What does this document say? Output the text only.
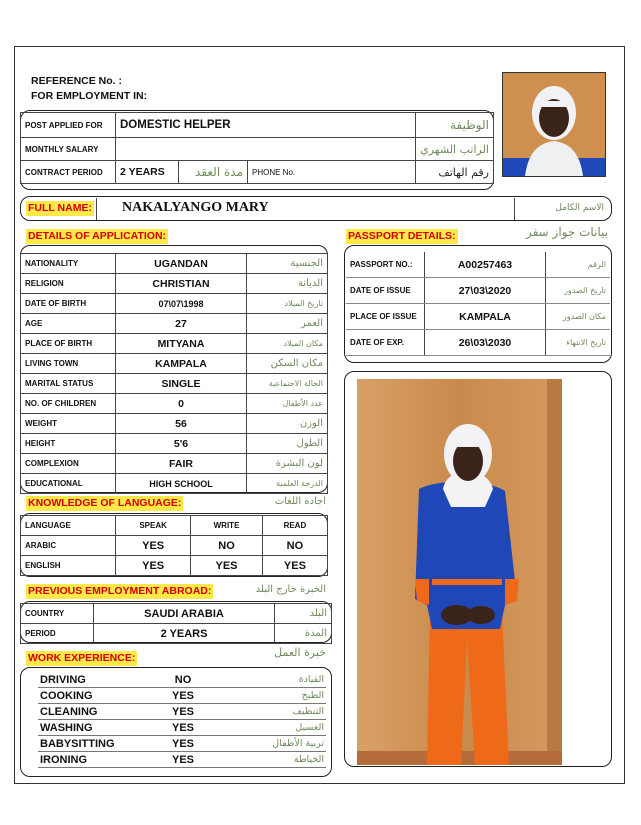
REFERENCE No. :
FOR EMPLOYMENT IN:
POST APPLIED FOR	DOMESTIC HELPER			الوظيفة
MONTHLY SALARY				الراتب الشهري
CONTRACT PERIOD	2 YEARS	مدة العقد	PHONE No.	رقم الهاتف
FULL NAME: NAKALYANGO MARY	الاسم الكامل
DETAILS OF APPLICATION:
NATIONALITY	UGANDAN	الجنسية
RELIGION	CHRISTIAN	الديانة
DATE OF BIRTH	07\07\1998	تاريخ الميلاد
AGE	27	العمر
PLACE OF BIRTH	MITYANA	مكان الميلاد
LIVING TOWN	KAMPALA	مكان السكن
MARITAL STATUS	SINGLE	الحالة الاجتماعية
NO. OF CHILDREN	0	عدد الأطفال
WEIGHT	56	الوزن
HEIGHT	5'6	الطول
COMPLEXION	FAIR	لون البشرة
EDUCATIONAL	HIGH SCHOOL	الدرجة العلمية
PASSPORT DETAILS:	بيانات جواز سفر
PASSPORT NO.:	A00257463	الرقم
DATE OF ISSUE	27\03\2020	تاريخ الصدور
PLACE OF ISSUE	KAMPALA	مكان الصدور
DATE OF EXP.	26\03\2030	تاريخ الانتهاء
KNOWLEDGE OF LANGUAGE:	اجادة اللغات
LANGUAGE	SPEAK	WRITE	READ
ARABIC	YES	NO	NO
ENGLISH	YES	YES	YES
PREVIOUS EMPLOYMENT ABROAD:	الخبرة خارج البلد
COUNTRY	SAUDI ARABIA	البلد
PERIOD	2 YEARS	المدة
WORK EXPERIENCE:	خبرة العمل
DRIVING	NO	القيادة
COOKING	YES	الطبخ
CLEANING	YES	التنظيف
WASHING	YES	الغسيل
BABYSITTING	YES	تربية الأطفال
IRONING	YES	الخياطة
